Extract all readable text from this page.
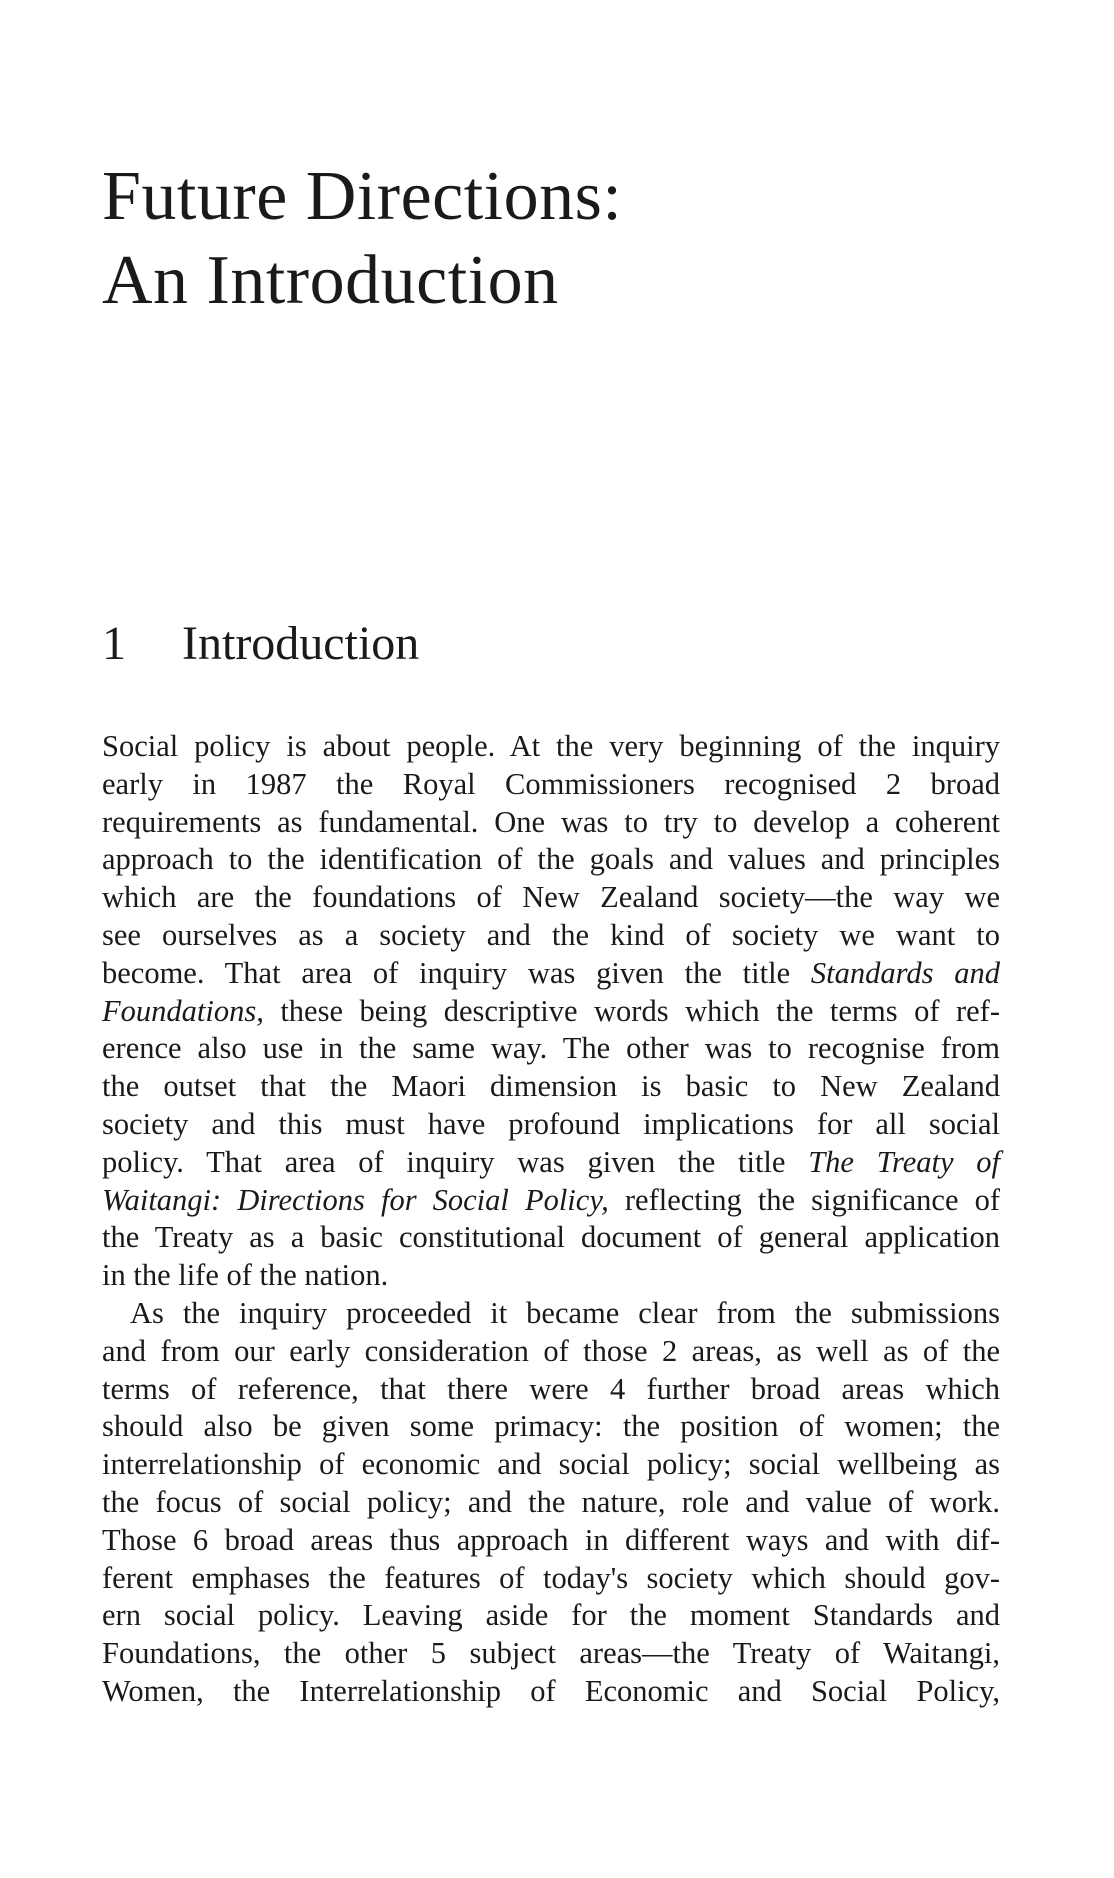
Future Directions:
An Introduction
1 Introduction
Social policy is about people. At the very beginning of the inquiry
early in 1987 the Royal Commissioners recognised 2 broad
requirements as fundamental. One was to try to develop a coherent
approach to the identification of the goals and values and principles
which are the foundations of New Zealand society—the way we
see ourselves as a society and the kind of society we want to
become. That area of inquiry was given the title Standards and
Foundations, these being descriptive words which the terms of ref-
erence also use in the same way. The other was to recognise from
the outset that the Maori dimension is basic to New Zealand
society and this must have profound implications for all social
policy. That area of inquiry was given the title The Treaty of
Waitangi: Directions for Social Policy, reflecting the significance of
the Treaty as a basic constitutional document of general application
in the life of the nation.
As the inquiry proceeded it became clear from the submissions
and from our early consideration of those 2 areas, as well as of the
terms of reference, that there were 4 further broad areas which
should also be given some primacy: the position of women; the
interrelationship of economic and social policy; social wellbeing as
the focus of social policy; and the nature, role and value of work.
Those 6 broad areas thus approach in different ways and with dif-
ferent emphases the features of today's society which should gov-
ern social policy. Leaving aside for the moment Standards and
Foundations, the other 5 subject areas—the Treaty of Waitangi,
Women, the Interrelationship of Economic and Social Policy,
